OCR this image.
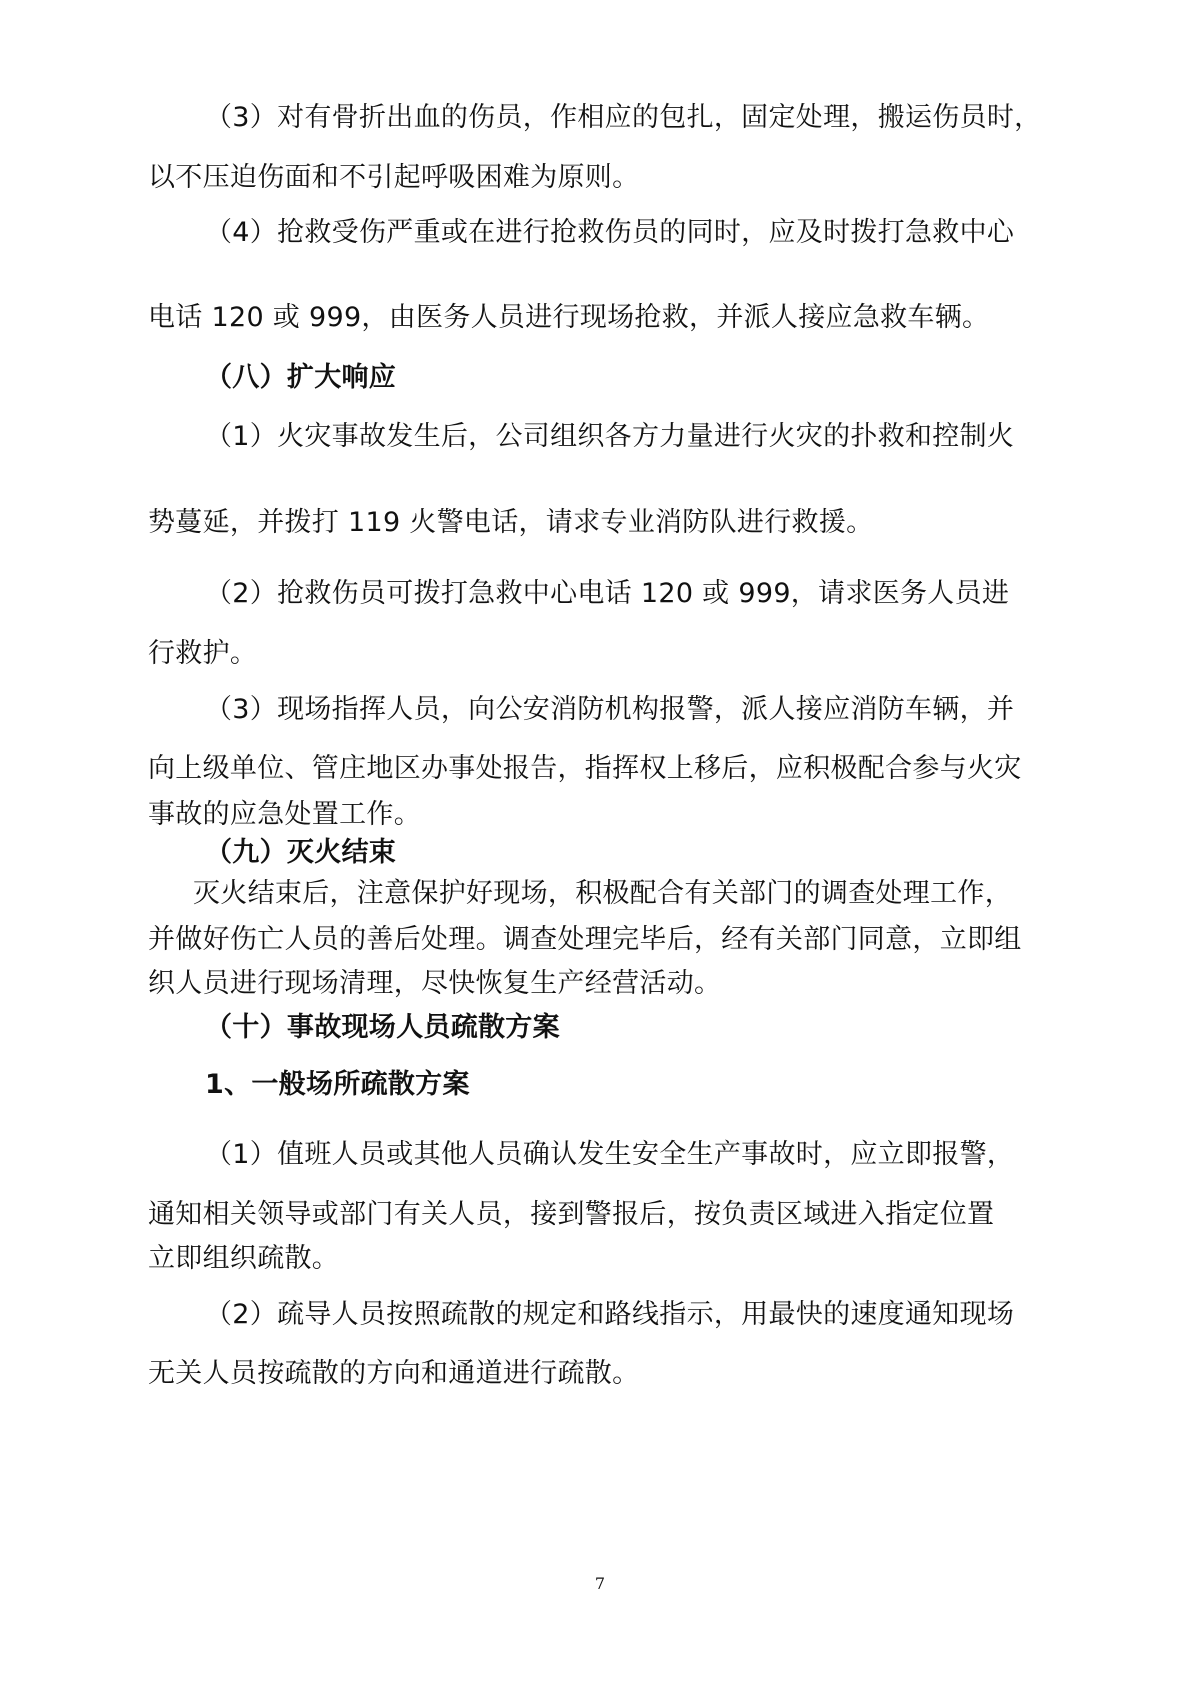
（3）对有骨折出血的伤员，作相应的包扎，固定处理，搬运伤员时，

以不压迫伤面和不引起呼吸困难为原则。

（4）抢救受伤严重或在进行抢救伤员的同时，应及时拨打急救中心

电话 120 或 999，由医务人员进行现场抢救，并派人接应急救车辆。

（八）扩大响应

（1）火灾事故发生后，公司组织各方力量进行火灾的扑救和控制火

势蔓延，并拨打 119 火警电话，请求专业消防队进行救援。

（2）抢救伤员可拨打急救中心电话 120 或 999，请求医务人员进

行救护。

（3）现场指挥人员，向公安消防机构报警，派人接应消防车辆，并

向上级单位、管庄地区办事处报告，指挥权上移后，应积极配合参与火灾

事故的应急处置工作。

（九）灭火结束

灭火结束后，注意保护好现场，积极配合有关部门的调查处理工作，

并做好伤亡人员的善后处理。调查处理完毕后，经有关部门同意，立即组

织人员进行现场清理，尽快恢复生产经营活动。

（十）事故现场人员疏散方案

1、一般场所疏散方案

（1）值班人员或其他人员确认发生安全生产事故时，应立即报警，

通知相关领导或部门有关人员，接到警报后，按负责区域进入指定位置

立即组织疏散。

（2）疏导人员按照疏散的规定和路线指示，用最快的速度通知现场

无关人员按疏散的方向和通道进行疏散。

7
